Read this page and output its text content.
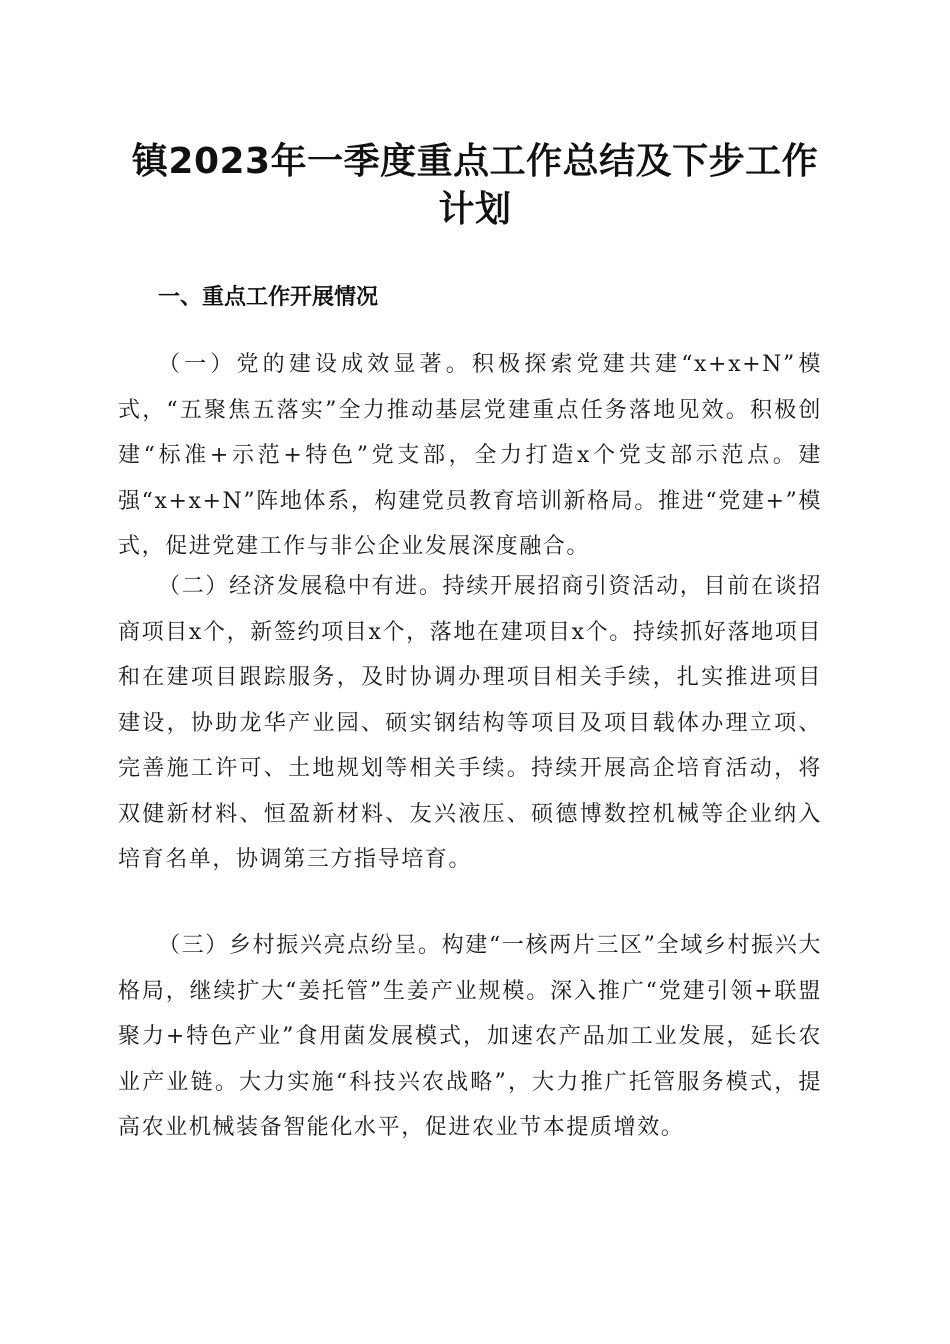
镇2023年一季度重点工作总结及下步工作计划
一、重点工作开展情况

（一）党的建设成效显著。积极探索党建共建“x+x+N”模式，“五聚焦五落实”全力推动基层党建重点任务落地见效。积极创建“标准+示范+特色”党支部，全力打造x个党支部示范点。建强“x+x+N”阵地体系，构建党员教育培训新格局。推进“党建+”模式，促进党建工作与非公企业发展深度融合。

（二）经济发展稳中有进。持续开展招商引资活动，目前在谈招商项目x个，新签约项目x个，落地在建项目x个。持续抓好落地项目和在建项目跟踪服务，及时协调办理项目相关手续，扎实推进项目建设，协助龙华产业园、硕实钢结构等项目及项目载体办理立项、完善施工许可、土地规划等相关手续。持续开展高企培育活动，将双健新材料、恒盈新材料、友兴液压、硕德博数控机械等企业纳入培育名单，协调第三方指导培育。

（三）乡村振兴亮点纷呈。构建“一核两片三区”全域乡村振兴大格局，继续扩大“姜托管”生姜产业规模。深入推广“党建引领+联盟聚力+特色产业”食用菌发展模式，加速农产品加工业发展，延长农业产业链。大力实施“科技兴农战略”，大力推广托管服务模式，提高农业机械装备智能化水平，促进农业节本提质增效。
